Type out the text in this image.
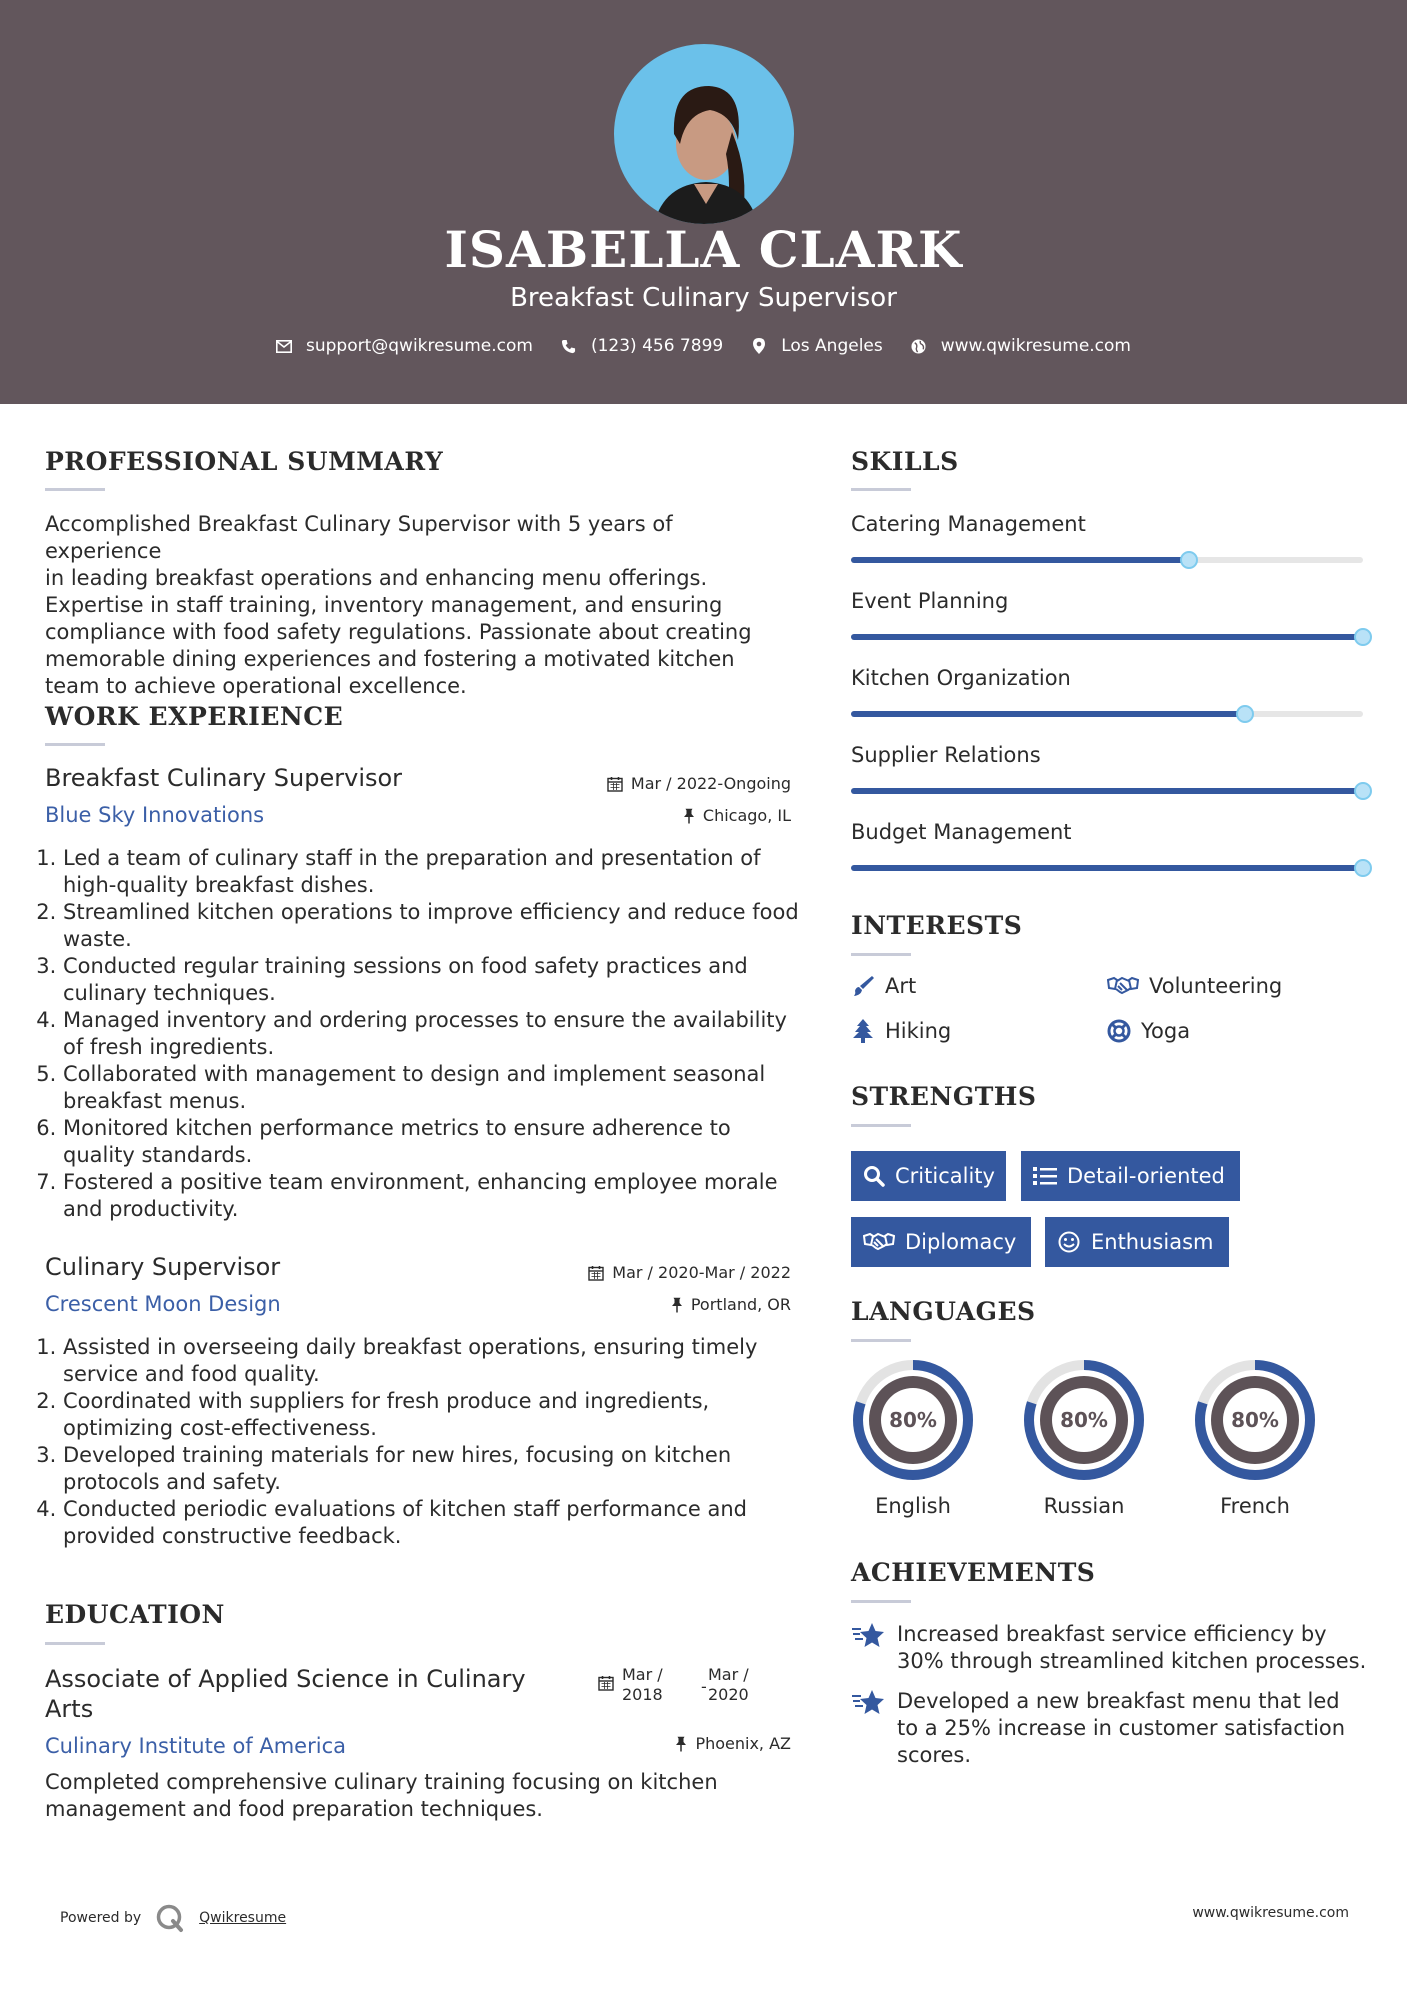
ISABELLA CLARK
Breakfast Culinary Supervisor
support@qwikresume.com	(123) 456 7899	Los Angeles	www.qwikresume.com
PROFESSIONAL SUMMARY
Accomplished Breakfast Culinary Supervisor with 5 years of experience
in leading breakfast operations and enhancing menu offerings.
Expertise in staff training, inventory management, and ensuring
compliance with food safety regulations. Passionate about creating
memorable dining experiences and fostering a motivated kitchen
team to achieve operational excellence.
WORK EXPERIENCE
Breakfast Culinary Supervisor	Mar / 2022-Ongoing
Blue Sky Innovations	Chicago, IL
1. Led a team of culinary staff in the preparation and presentation of high-quality breakfast dishes.
2. Streamlined kitchen operations to improve efficiency and reduce food waste.
3. Conducted regular training sessions on food safety practices and culinary techniques.
4. Managed inventory and ordering processes to ensure the availability of fresh ingredients.
5. Collaborated with management to design and implement seasonal breakfast menus.
6. Monitored kitchen performance metrics to ensure adherence to quality standards.
7. Fostered a positive team environment, enhancing employee morale and productivity.
Culinary Supervisor	Mar / 2020-Mar / 2022
Crescent Moon Design	Portland, OR
1. Assisted in overseeing daily breakfast operations, ensuring timely service and food quality.
2. Coordinated with suppliers for fresh produce and ingredients, optimizing cost-effectiveness.
3. Developed training materials for new hires, focusing on kitchen protocols and safety.
4. Conducted periodic evaluations of kitchen staff performance and provided constructive feedback.
EDUCATION
Associate of Applied Science in Culinary
Arts
Mar /
2018 -
Mar /
2020
Culinary Institute of America	Phoenix, AZ
Completed comprehensive culinary training focusing on kitchen
management and food preparation techniques.
SKILLS
Catering Management
Event Planning
Kitchen Organization
Supplier Relations
Budget Management
INTERESTS
Art	Volunteering
Hiking	Yoga
STRENGTHS
Criticality	Detail-oriented
Diplomacy	Enthusiasm
LANGUAGES
80%
English
80%
Russian
80%
French
ACHIEVEMENTS
Increased breakfast service efficiency by
30% through streamlined kitchen processes.
Developed a new breakfast menu that led
to a 25% increase in customer satisfaction
scores.
Powered by	Qwikresume	www.qwikresume.com
